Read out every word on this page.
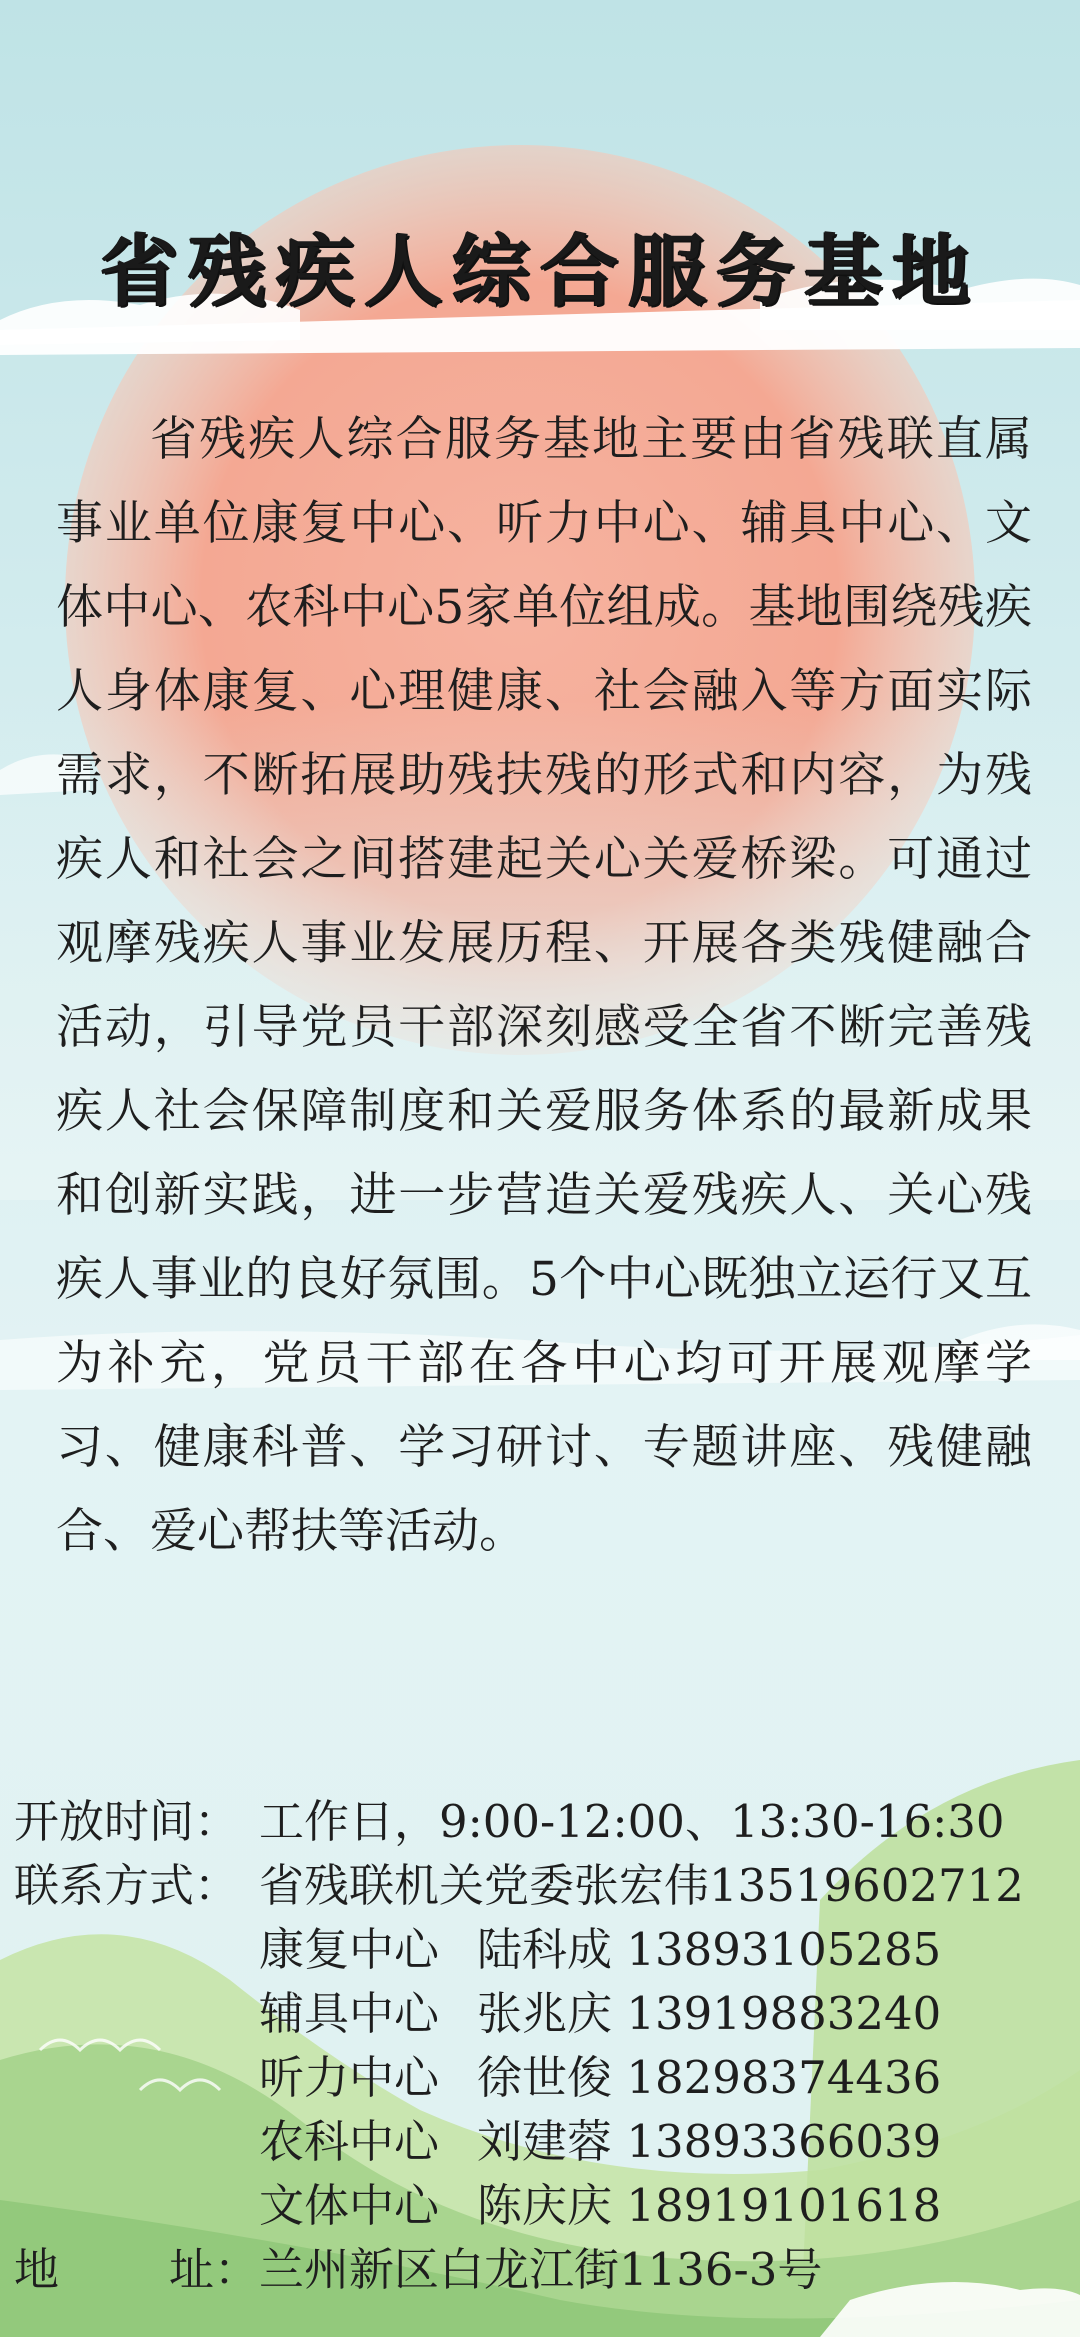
省残疾人综合服务基地

省残疾人综合服务基地主要由省残联直属事业单位康复中心、听力中心、辅具中心、文体中心、农科中心5家单位组成。基地围绕残疾人身体康复、心理健康、社会融入等方面实际需求，不断拓展助残扶残的形式和内容，为残疾人和社会之间搭建起关心关爱桥梁。可通过观摩残疾人事业发展历程、开展各类残健融合活动，引导党员干部深刻感受全省不断完善残疾人社会保障制度和关爱服务体系的最新成果和创新实践，进一步营造关爱残疾人、关心残疾人事业的良好氛围。5个中心既独立运行又互为补充，党员干部在各中心均可开展观摩学习、健康科普、学习研讨、专题讲座、残健融合、爱心帮扶等活动。

开放时间： 工作日，9:00-12:00、13:30-16:30
联系方式： 省残联机关党委张宏伟13519602712
康复中心 陆科成
13893105285
辅具中心 张兆庆
13919883240
听力中心 徐世俊
18298374436
农科中心 刘建蓉
13893366039
文体中心 陈庆庆
18919101618
地 址： 兰州新区白龙江街1136-3号
